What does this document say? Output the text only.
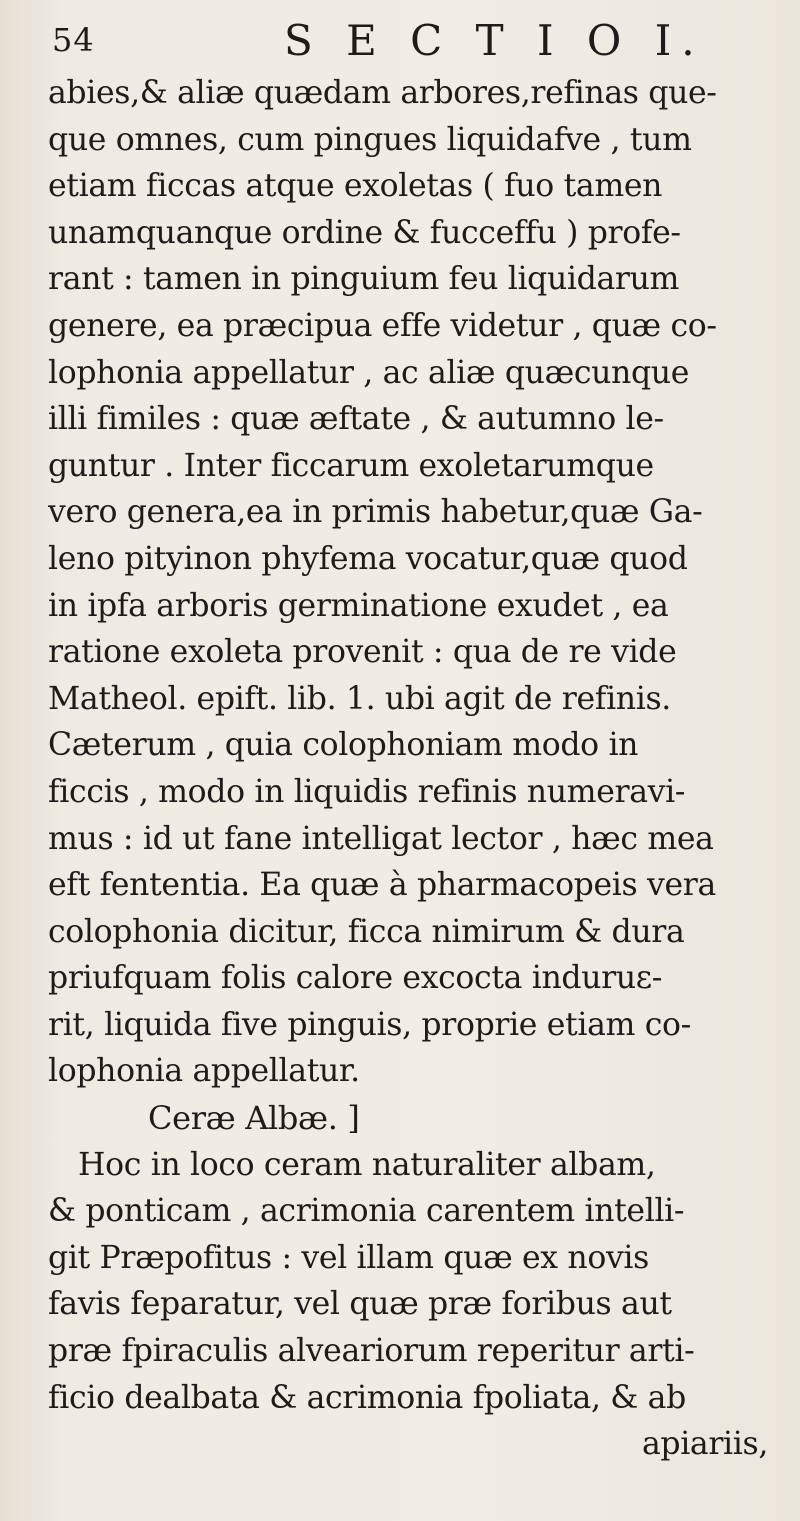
54	S E C T I O I.
abies,& aliæ quædam arbores,refinas que-
que omnes, cum pingues liquidafve , tum
etiam ficcas atque exoletas ( fuo tamen
unamquanque ordine & fucceffu ) profe-
rant : tamen in pinguium feu liquidarum
genere, ea præcipua effe videtur , quæ co-
lophonia appellatur , ac aliæ quæcunque
illi fimiles : quæ æftate , & autumno le-
guntur . Inter ficcarum exoletarumque
vero genera,ea in primis habetur,quæ Ga-
leno pityinon phyfema vocatur,quæ quod
in ipfa arboris germinatione exudet , ea
ratione exoleta provenit : qua de re vide
Matheol. epift. lib. 1. ubi agit de refinis.
Cæterum , quia colophoniam modo in
ficcis , modo in liquidis refinis numeravi-
mus : id ut fane intelligat lector , hæc mea
eft fententia. Ea quæ à pharmacopeis vera
colophonia dicitur, ficca nimirum & dura
priufquam folis calore excocta induruε-
rit, liquida five pinguis, proprie etiam co-
lophonia appellatur.
Ceræ Albæ. ]
Hoc in loco ceram naturaliter albam,
& ponticam , acrimonia carentem intelli-
git Præpofitus : vel illam quæ ex novis
favis feparatur, vel quæ præ foribus aut
præ fpiraculis alveariorum reperitur arti-
ficio dealbata & acrimonia fpoliata, & ab
apiariis,
